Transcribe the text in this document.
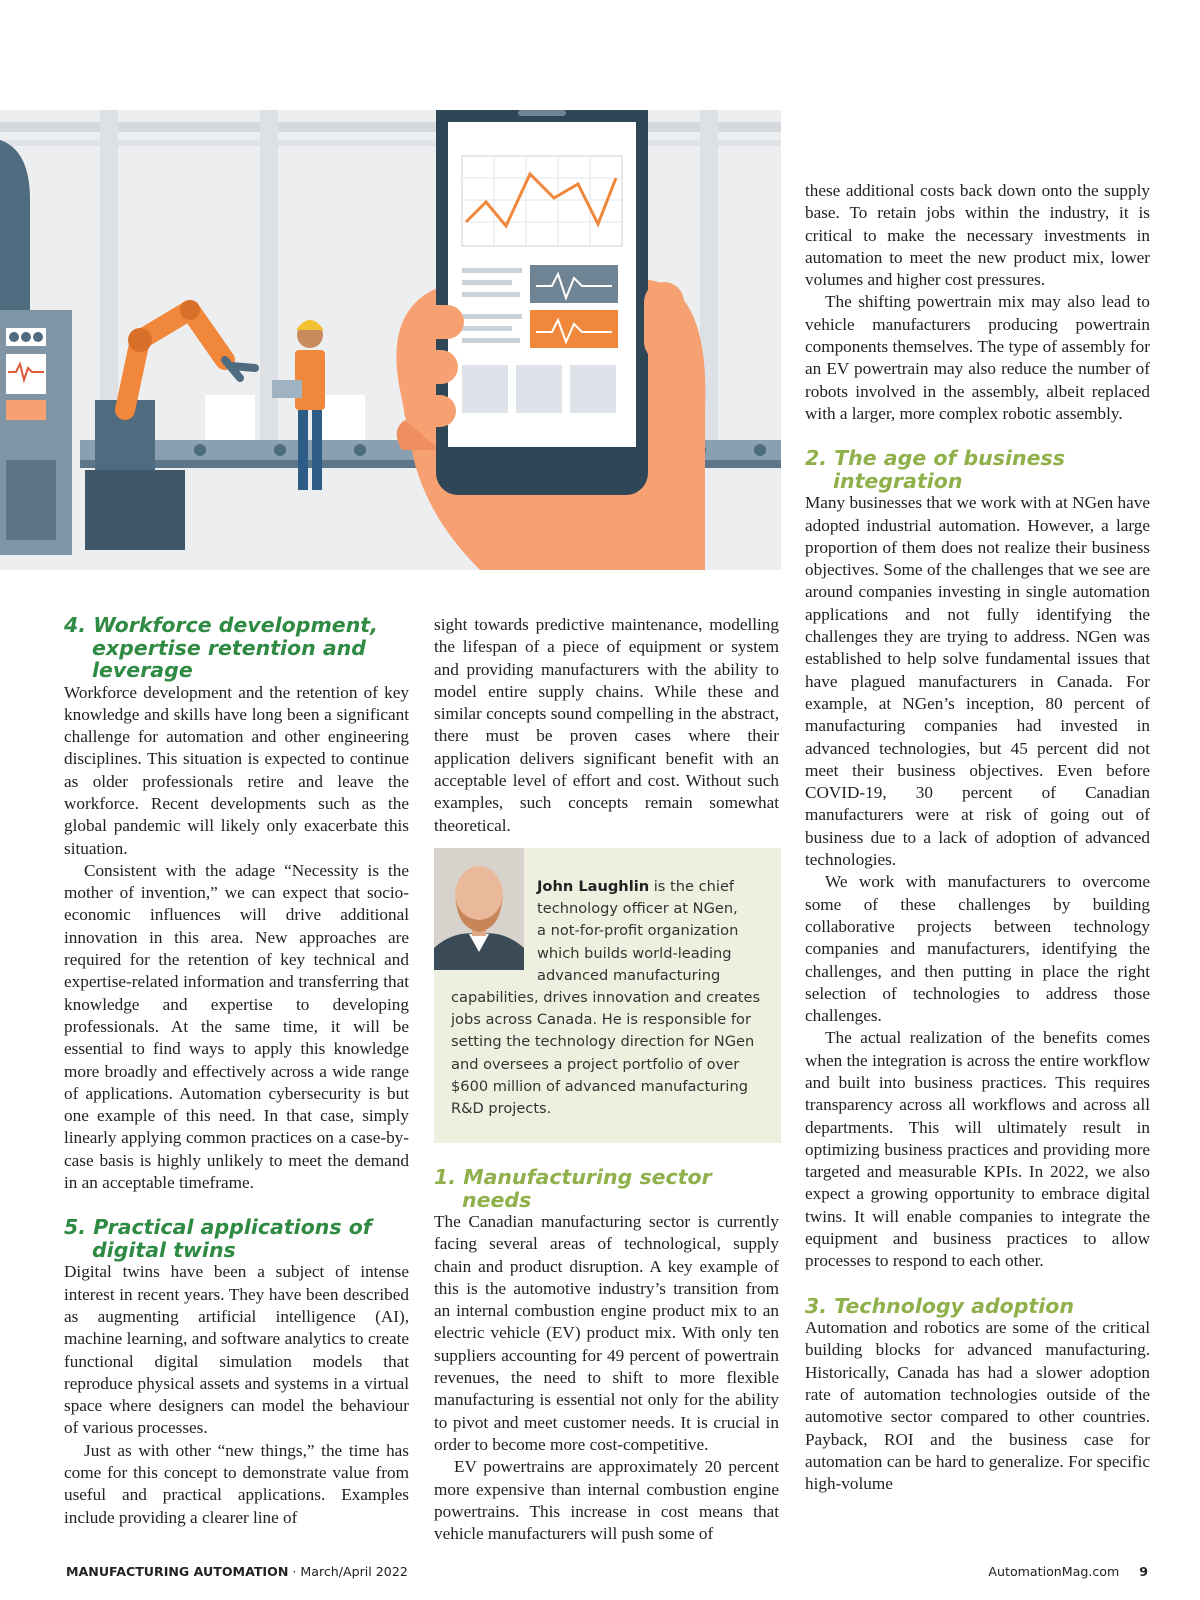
4. Workforce development, expertise retention and leverage

Workforce development and the retention of key knowledge and skills have long been a significant challenge for automation and other engineering disciplines. This situation is expected to continue as older professionals retire and leave the workforce. Recent developments such as the global pandemic will likely only exacerbate this situation.

Consistent with the adage “Necessity is the mother of invention,” we can expect that socio-economic influences will drive additional innovation in this area. New approaches are required for the retention of key technical and expertise-related information and transferring that knowledge and expertise to developing professionals. At the same time, it will be essential to find ways to apply this knowledge more broadly and effectively across a wide range of applications. Automation cybersecurity is but one example of this need. In that case, simply linearly applying common practices on a case-by-case basis is highly unlikely to meet the demand in an acceptable timeframe.

5. Practical applications of digital twins

Digital twins have been a subject of intense interest in recent years. They have been described as augmenting artificial intelligence (AI), machine learning, and software analytics to create functional digital simulation models that reproduce physical assets and systems in a virtual space where designers can model the behaviour of various processes.

Just as with other “new things,” the time has come for this concept to demonstrate value from useful and practical applications. Examples include providing a clearer line of

sight towards predictive maintenance, modelling the lifespan of a piece of equipment or system and providing manufacturers with the ability to model entire supply chains. While these and similar concepts sound compelling in the abstract, there must be proven cases where their application delivers significant benefit with an acceptable level of effort and cost. Without such examples, such concepts remain somewhat theoretical.

John Laughlin is the chief
technology officer at NGen,
a not-for-profit organization
which builds world-leading
advanced manufacturing
capabilities, drives innovation and creates
jobs across Canada. He is responsible for
setting the technology direction for NGen
and oversees a project portfolio of over
$600 million of advanced manufacturing
R&D projects.
1. Manufacturing sector needs

The Canadian manufacturing sector is currently facing several areas of technological, supply chain and product disruption. A key example of this is the automotive industry’s transition from an internal combustion engine product mix to an electric vehicle (EV) product mix. With only ten suppliers accounting for 49 percent of powertrain revenues, the need to shift to more flexible manufacturing is essential not only for the ability to pivot and meet customer needs. It is crucial in order to become more cost-competitive.

EV powertrains are approximately 20 percent more expensive than internal combustion engine powertrains. This increase in cost means that vehicle manufacturers will push some of

these additional costs back down onto the supply base. To retain jobs within the industry, it is critical to make the necessary investments in automation to meet the new product mix, lower volumes and higher cost pressures.

The shifting powertrain mix may also lead to vehicle manufacturers producing powertrain components themselves. The type of assembly for an EV powertrain may also reduce the number of robots involved in the assembly, albeit replaced with a larger, more complex robotic assembly.

2. The age of business integration

Many businesses that we work with at NGen have adopted industrial automation. However, a large proportion of them does not realize their business objectives. Some of the challenges that we see are around companies investing in single automation applications and not fully identifying the challenges they are trying to address. NGen was established to help solve fundamental issues that have plagued manufacturers in Canada. For example, at NGen’s inception, 80 percent of manufacturing companies had invested in advanced technologies, but 45 percent did not meet their business objectives. Even before COVID-19, 30 percent of Canadian manufacturers were at risk of going out of business due to a lack of adoption of advanced technologies.

We work with manufacturers to overcome some of these challenges by building collaborative projects between technology companies and manufacturers, identifying the challenges, and then putting in place the right selection of technologies to address those challenges.

The actual realization of the benefits comes when the integration is across the entire workflow and built into business practices. This requires transparency across all workflows and across all departments. This will ultimately result in optimizing business practices and providing more targeted and measurable KPIs. In 2022, we also expect a growing opportunity to embrace digital twins. It will enable companies to integrate the equipment and business practices to allow processes to respond to each other.

3. Technology adoption

Automation and robotics are some of the critical building blocks for advanced manufacturing. Historically, Canada has had a slower adoption rate of automation technologies outside of the automotive sector compared to other countries. Payback, ROI and the business case for automation can be hard to generalize. For specific high-volume

MANUFACTURING AUTOMATION · March/April 2022	AutomationMag.com 9
